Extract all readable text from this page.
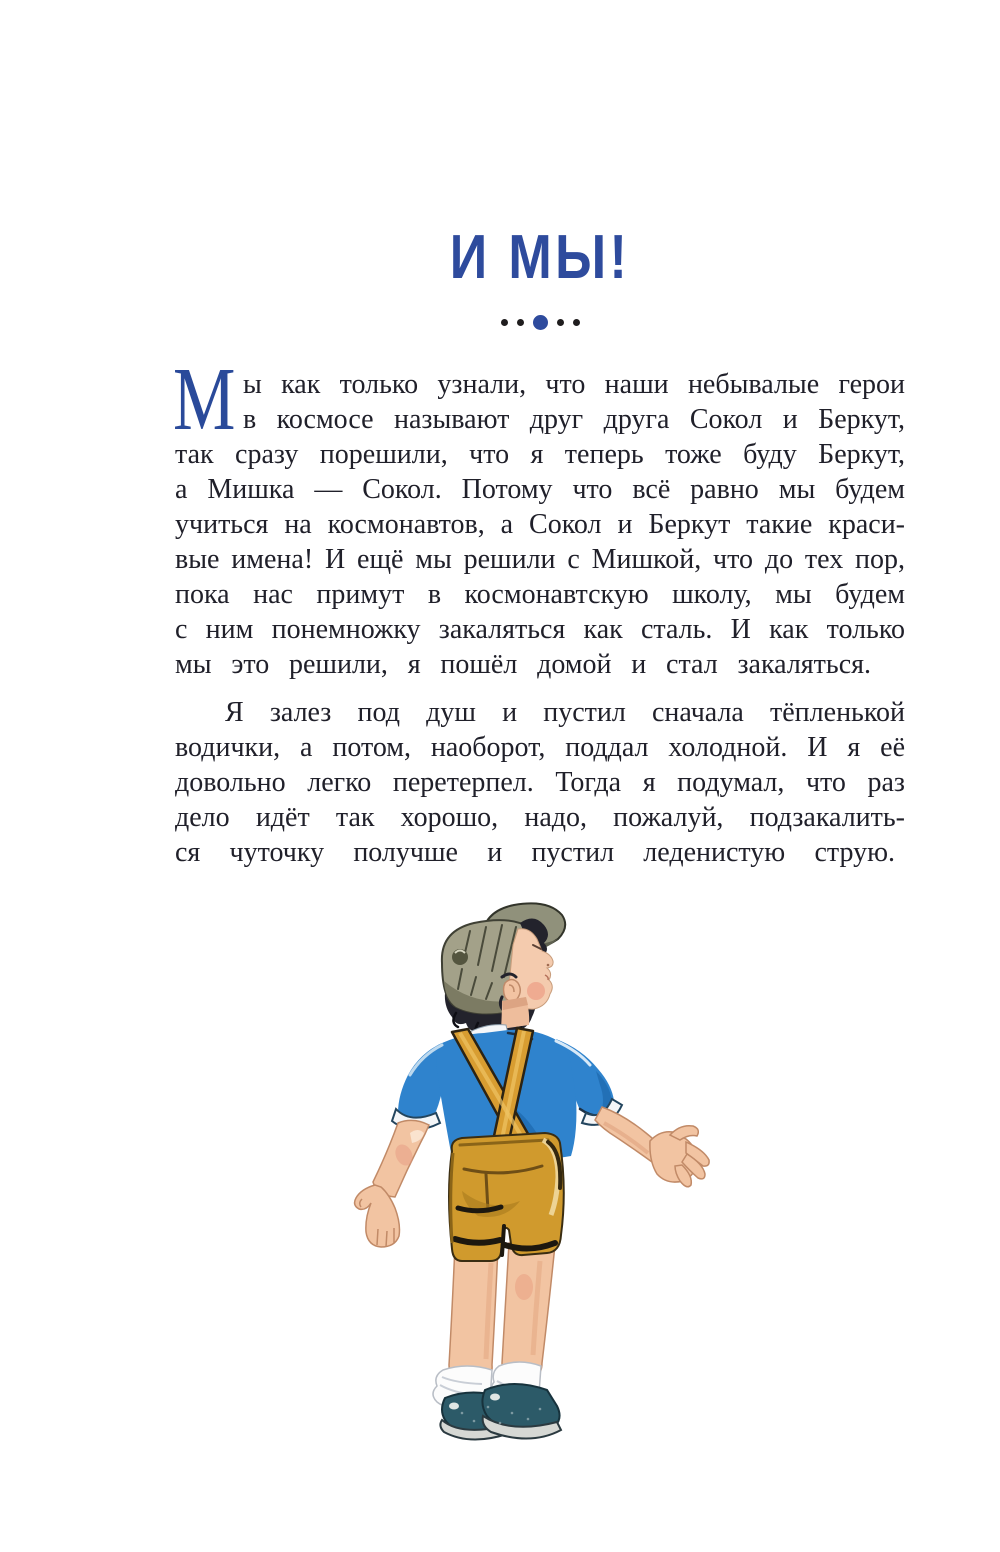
И МЫ!
М ы как только узнали, что наши небывалые герои
в космосе называют друг друга Сокол и Беркут,
так сразу порешили, что я теперь тоже буду Беркут,
а Мишка — Сокол. Потому что всё равно мы будем
учиться на космонавтов, а Сокол и Беркут такие краси-
вые имена! И ещё мы решили с Мишкой, что до тех пор,
пока нас примут в космонавтскую школу, мы будем
с ним понемножку закаляться как сталь. И как только
мы это решили, я пошёл домой и стал закаляться.
Я залез под душ и пустил сначала тёпленькой
водички, а потом, наоборот, поддал холодной. И я её
довольно легко перетерпел. Тогда я подумал, что раз
дело идёт так хорошо, надо, пожалуй, подзакалить-
ся чуточку получше и пустил леденистую струю.
